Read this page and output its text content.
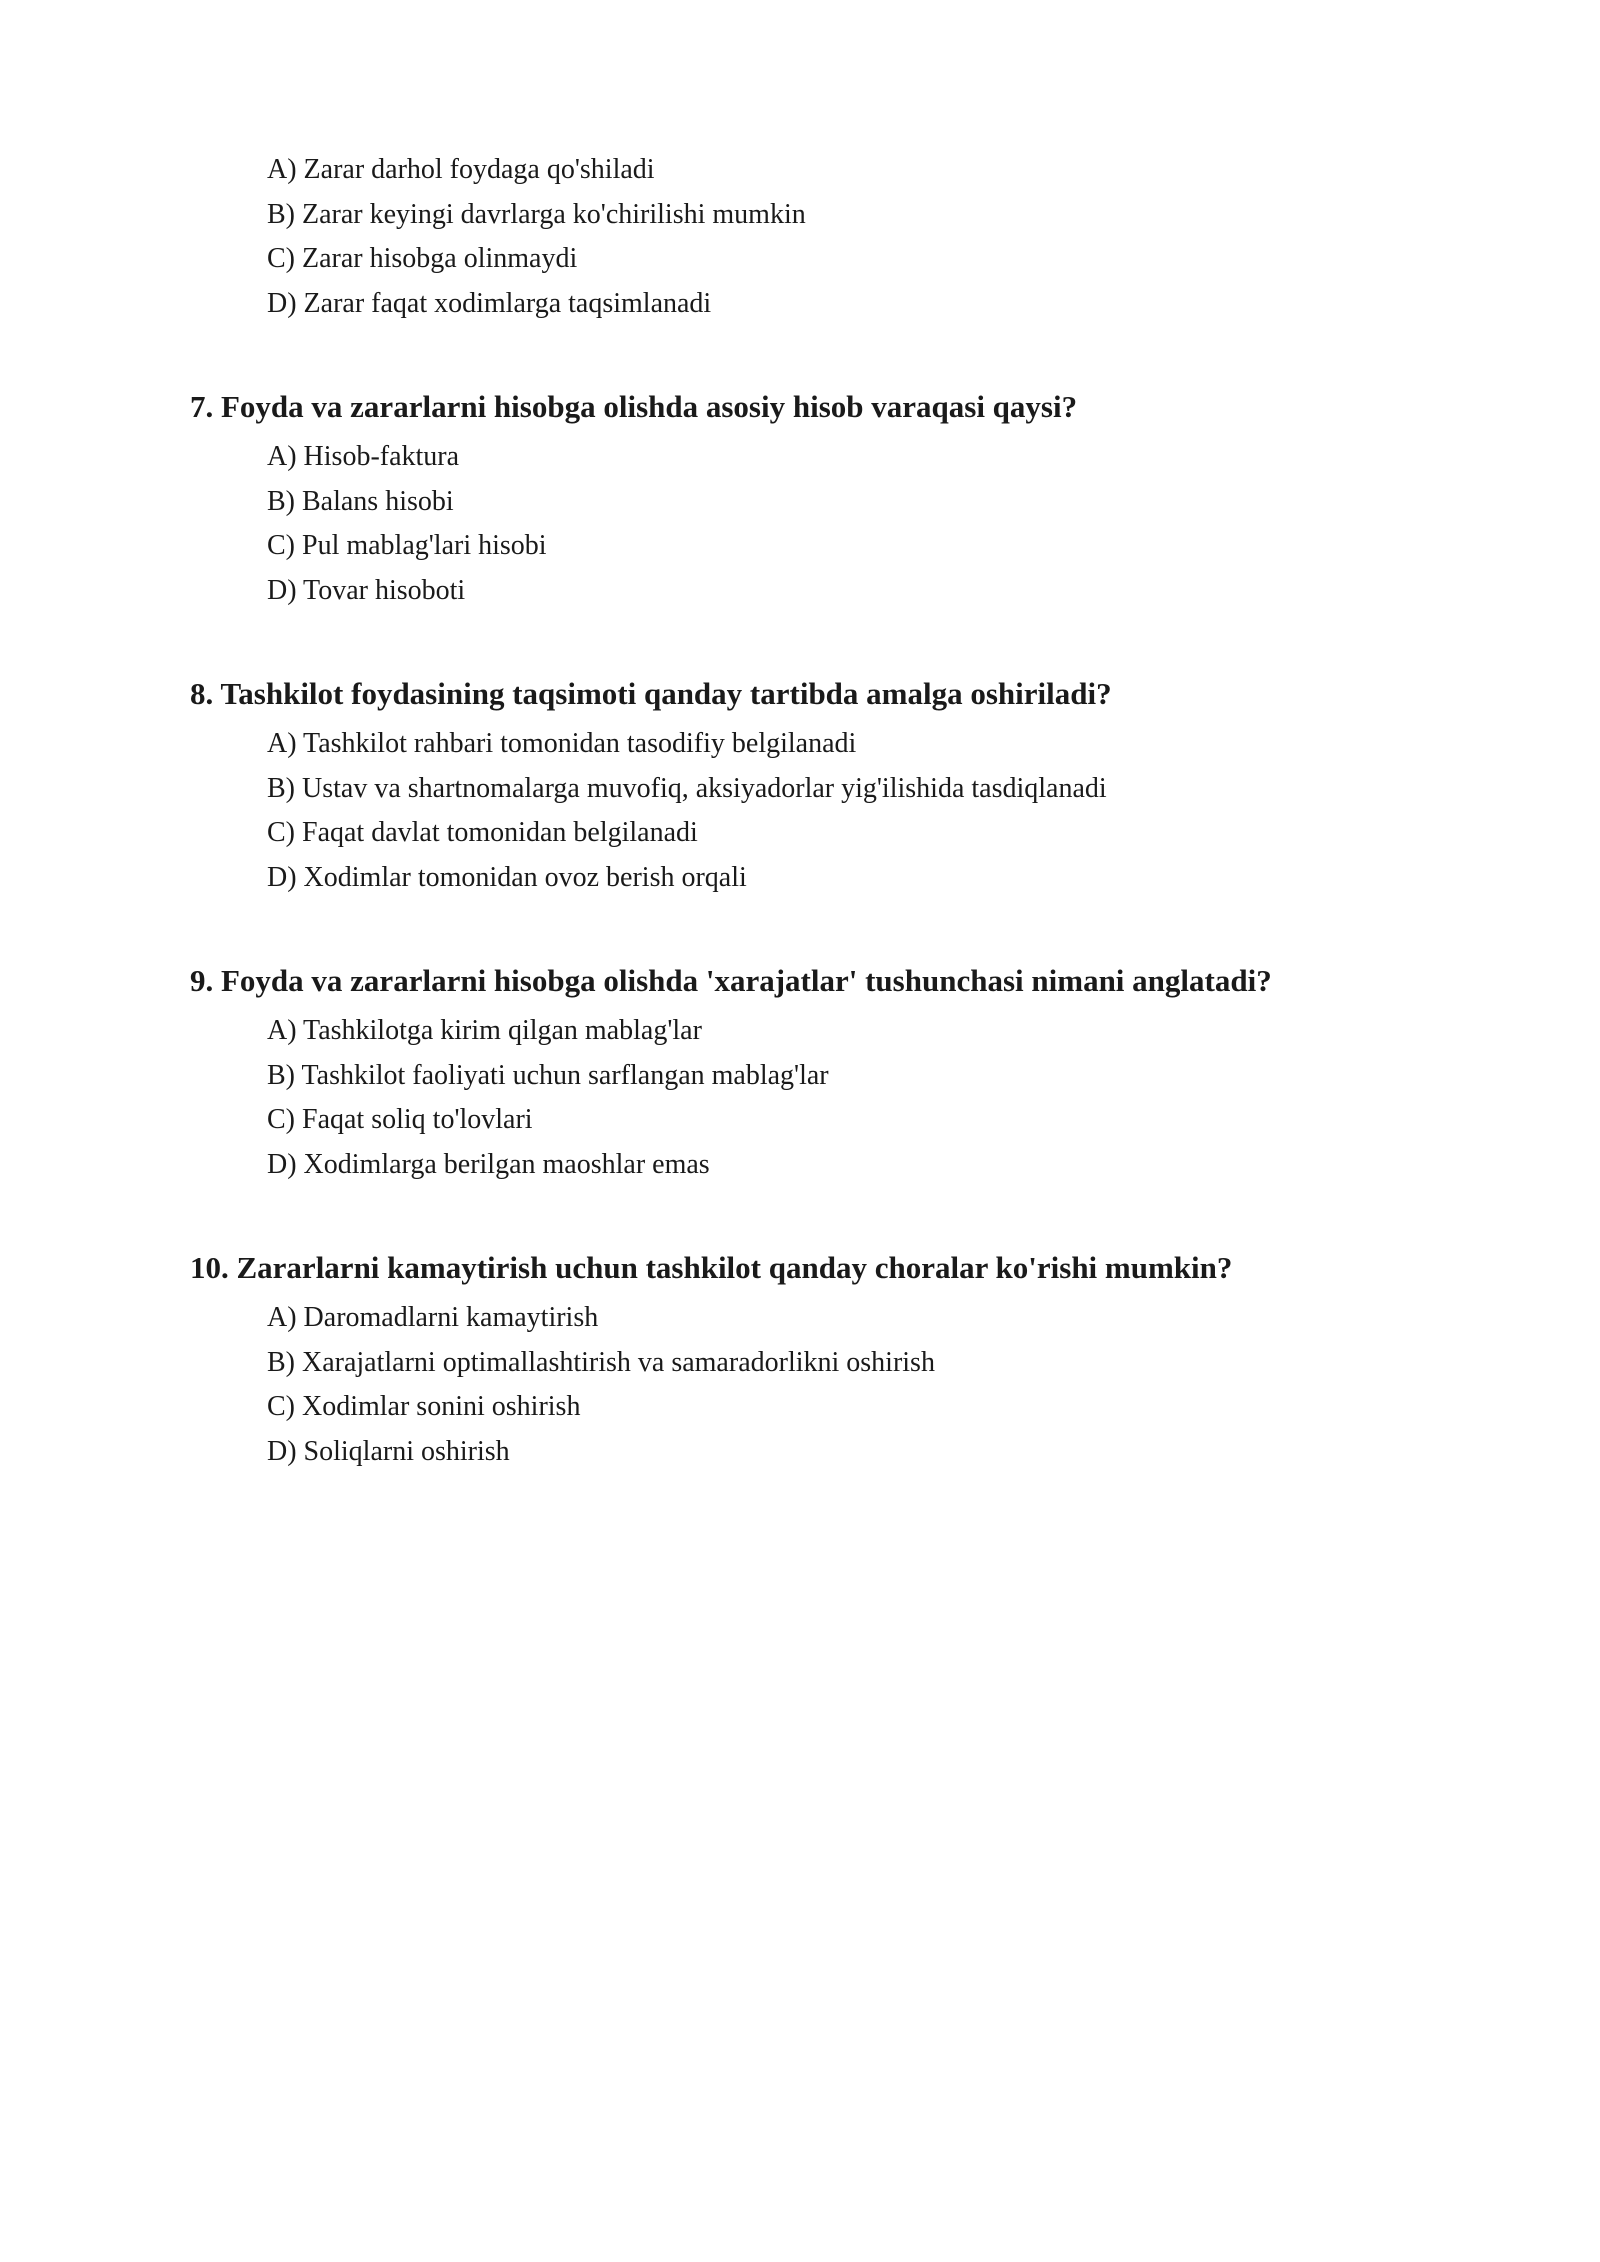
A) Zarar darhol foydaga qo'shiladi
B) Zarar keyingi davrlarga ko'chirilishi mumkin
C) Zarar hisobga olinmaydi
D) Zarar faqat xodimlarga taqsimlanadi
7. Foyda va zararlarni hisobga olishda asosiy hisob varaqasi qaysi?
A) Hisob-faktura
B) Balans hisobi
C) Pul mablag'lari hisobi
D) Tovar hisoboti
8. Tashkilot foydasining taqsimoti qanday tartibda amalga oshiriladi?
A) Tashkilot rahbari tomonidan tasodifiy belgilanadi
B) Ustav va shartnomalarga muvofiq, aksiyadorlar yig'ilishida tasdiqlanadi
C) Faqat davlat tomonidan belgilanadi
D) Xodimlar tomonidan ovoz berish orqali
9. Foyda va zararlarni hisobga olishda 'xarajatlar' tushunchasi nimani anglatadi?
A) Tashkilotga kirim qilgan mablag'lar
B) Tashkilot faoliyati uchun sarflangan mablag'lar
C) Faqat soliq to'lovlari
D) Xodimlarga berilgan maoshlar emas
10. Zararlarni kamaytirish uchun tashkilot qanday choralar ko'rishi mumkin?
A) Daromadlarni kamaytirish
B) Xarajatlarni optimallashtirish va samaradorlikni oshirish
C) Xodimlar sonini oshirish
D) Soliqlarni oshirish
